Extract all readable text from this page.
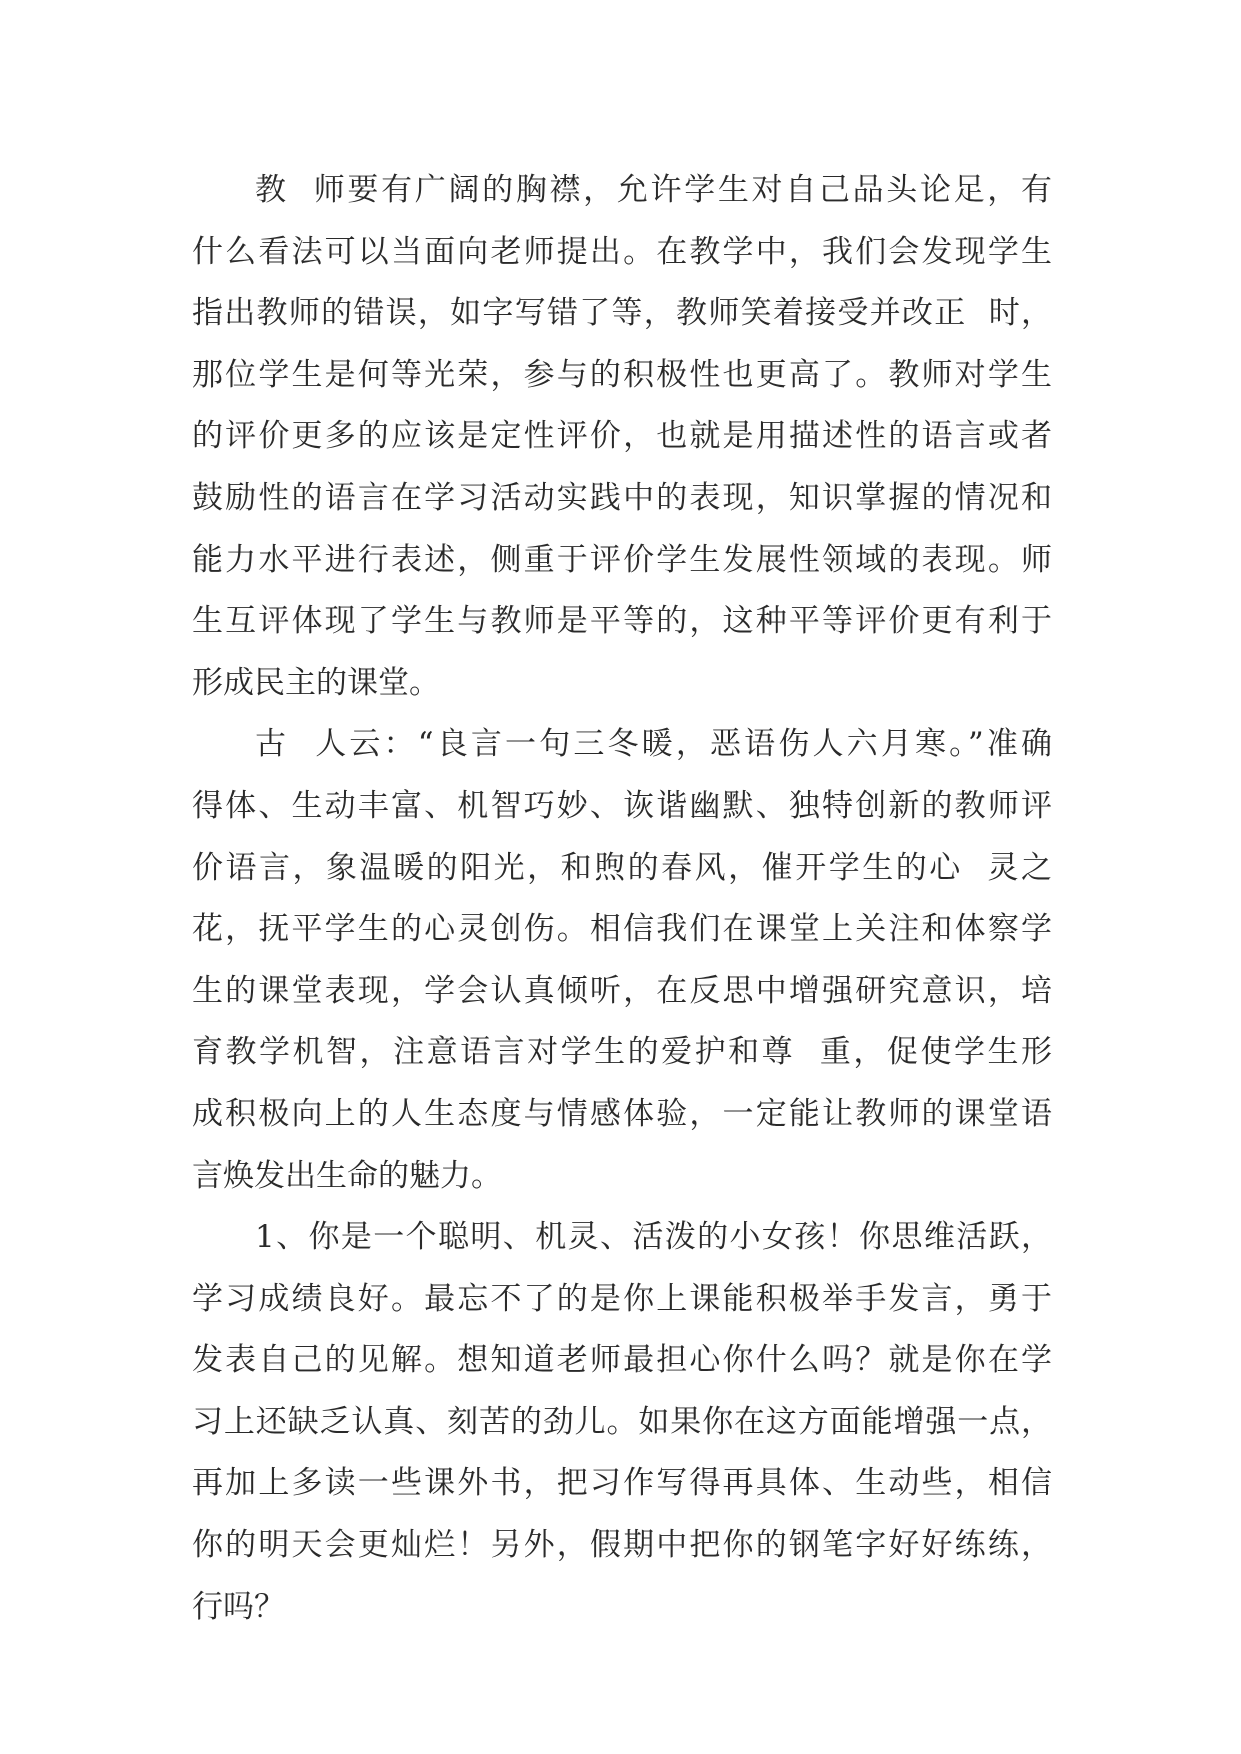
教  师要有广阔的胸襟，允许学生对自己品头论足，有
什么看法可以当面向老师提出。在教学中，我们会发现学生
指出教师的错误，如字写错了等，教师笑着接受并改正  时，
那位学生是何等光荣，参与的积极性也更高了。教师对学生
的评价更多的应该是定性评价，也就是用描述性的语言或者
鼓励性的语言在学习活动实践中的表现，知识掌握的情况和
能力水平进行表述，侧重于评价学生发展性领域的表现。师
生互评体现了学生与教师是平等的，这种平等评价更有利于
形成民主的课堂。
古  人云：“良言一句三冬暖，恶语伤人六月寒。”准确
得体、生动丰富、机智巧妙、诙谐幽默、独特创新的教师评
价语言，象温暖的阳光，和煦的春风，催开学生的心  灵之
花，抚平学生的心灵创伤。相信我们在课堂上关注和体察学
生的课堂表现，学会认真倾听，在反思中增强研究意识，培
育教学机智，注意语言对学生的爱护和尊  重，促使学生形
成积极向上的人生态度与情感体验，一定能让教师的课堂语
言焕发出生命的魅力。
1、你是一个聪明、机灵、活泼的小女孩！你思维活跃，
学习成绩良好。最忘不了的是你上课能积极举手发言，勇于
发表自己的见解。想知道老师最担心你什么吗？就是你在学
习上还缺乏认真、刻苦的劲儿。如果你在这方面能增强一点，
再加上多读一些课外书，把习作写得再具体、生动些，相信
你的明天会更灿烂！另外，假期中把你的钢笔字好好练练，
行吗？
